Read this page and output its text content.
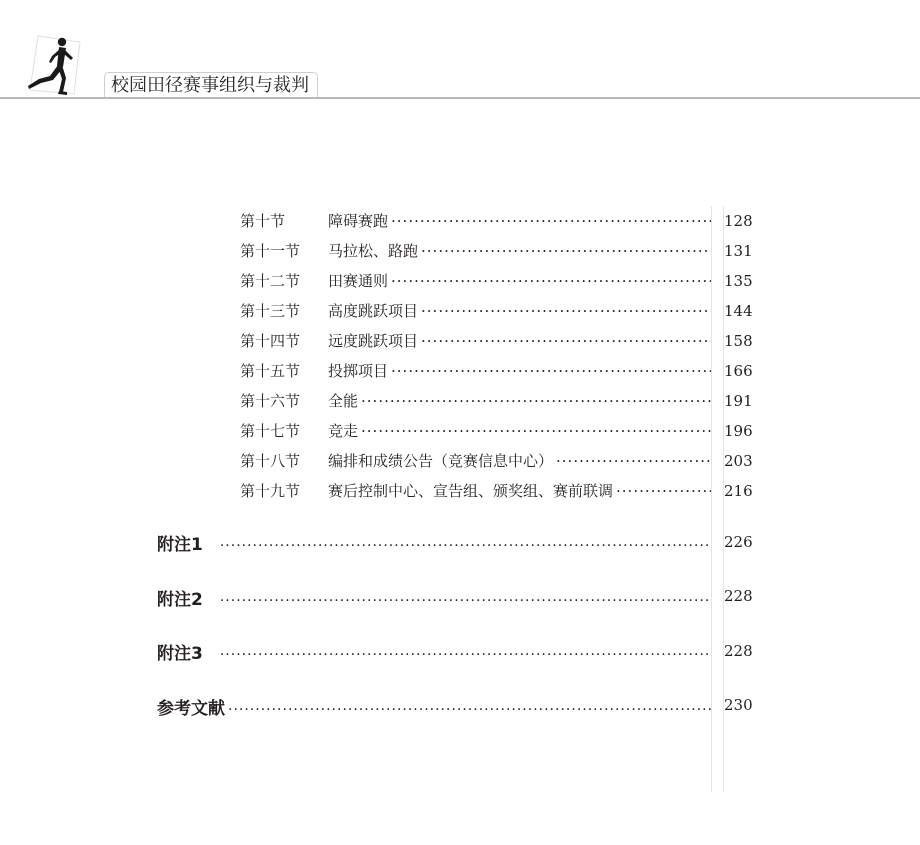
校园田径赛事组织与裁判
第十节	障碍赛跑 ·····	128
第十一节	马拉松、路跑 ·····	131
第十二节	田赛通则 ·····	135
第十三节	高度跳跃项目 ·····	144
第十四节	远度跳跃项目 ·····	158
第十五节	投掷项目 ·····	166
第十六节	全能 ·····	191
第十七节	竞走 ·····	196
第十八节	编排和成绩公告（竞赛信息中心） ·····	203
第十九节	赛后控制中心、宣告组、颁奖组、赛前联调 ·····	216
附注1 ·····	226
附注2 ·····	228
附注3 ·····	228
参考文献 ·····	230
